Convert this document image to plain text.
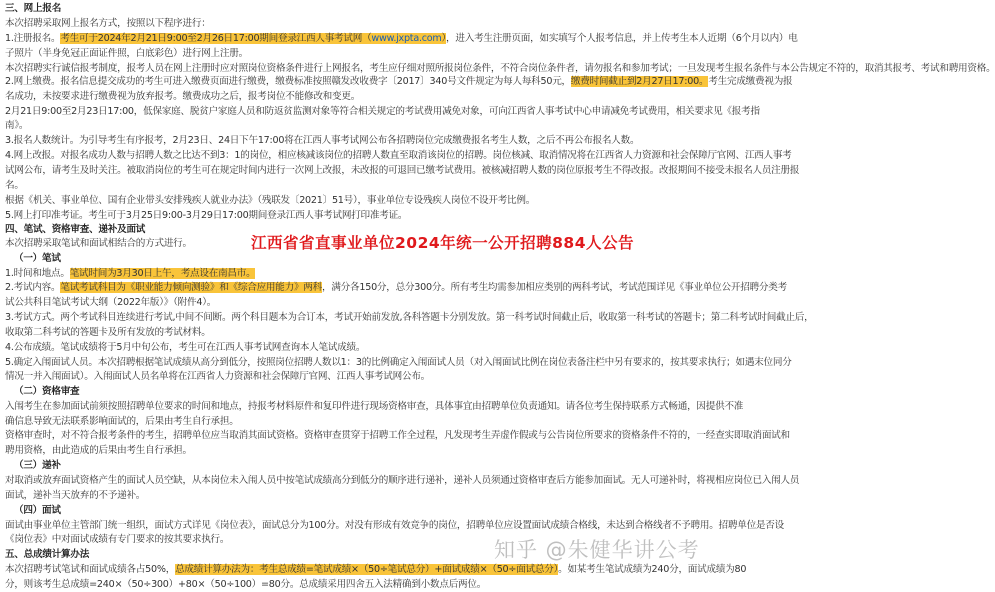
三、网上报名
本次招聘采取网上报名方式，按照以下程序进行：
1.注册报名。考生可于2024年2月21日9:00至2月26日17:00期间登录江西人事考试网（www.jxpta.com），进入考生注册页面，如实填写个人报考信息，并上传考生本人近期（6个月以内）电
子照片（半身免冠正面证件照，白底彩色）进行网上注册。
本次招聘实行诚信报考制度，报考人员在网上注册时应对照岗位资格条件进行上网报名，考生应仔细对照所报岗位条件，不符合岗位条件者，请勿报名和参加考试；一旦发现考生报名条件与本公告规定不符的，取消其报考、考试和聘用资格。
2.网上缴费。报名信息提交成功的考生可进入缴费页面进行缴费，缴费标准按照赣发改收费字〔2017〕340号文件规定为每人每科50元，缴费时间截止到2月27日17:00。考生完成缴费视为报
名成功，未按要求进行缴费视为放弃报考。缴费成功之后，报考岗位不能修改和变更。
2月21日9:00至2月23日17:00，低保家庭、脱贫户家庭人员和防返贫监测对象等符合相关规定的考试费用减免对象，可向江西省人事考试中心申请减免考试费用，相关要求见《报考指
南》。
3.报名人数统计。为引导考生有序报考，2月23日、24日下午17:00将在江西人事考试网公布各招聘岗位完成缴费报名考生人数，之后不再公布报名人数。
4.网上改报。对报名成功人数与招聘人数之比达不到3：1的岗位，相应核减该岗位的招聘人数直至取消该岗位的招聘。岗位核减、取消情况将在江西省人力资源和社会保障厅官网、江西人事考
试网公布，请考生及时关注。被取消岗位的考生可在规定时间内进行一次网上改报，未改报的可退回已缴考试费用。被核减招聘人数的岗位原报考生不得改报。改报期间不接受未报名人员注册报
名。
根据《机关、事业单位、国有企业带头安排残疾人就业办法》（残联发〔2021〕51号），事业单位专设残疾人岗位不设开考比例。
5.网上打印准考证。考生可于3月25日9:00-3月29日17:00期间登录江西人事考试网打印准考证。
四、笔试、资格审查、递补及面试
本次招聘采取笔试和面试相结合的方式进行。
（一）笔试
1.时间和地点。笔试时间为3月30日上午，考点设在南昌市。
2.考试内容。笔试考试科目为《职业能力倾向测验》和《综合应用能力》两科，满分各150分，总分300分。所有考生均需参加相应类别的两科考试，考试范围详见《事业单位公开招聘分类考
试公共科目笔试考试大纲（2022年版）》（附件4）。
3.考试方式。两个考试科目连续进行考试,中间不间断。两个科目题本为合订本，考试开始前发放,各科答题卡分别发放。第一科考试时间截止后，收取第一科考试的答题卡；第二科考试时间截止后，
收取第二科考试的答题卡及所有发放的考试材料。
4.公布成绩。笔试成绩将于5月中旬公布，考生可在江西人事考试网查询本人笔试成绩。
5.确定入闱面试人员。本次招聘根据笔试成绩从高分到低分，按照岗位招聘人数以1：3的比例确定入闱面试人员（对入闱面试比例在岗位表备注栏中另有要求的，按其要求执行；如遇末位同分
情况一并入闱面试）。入闱面试人员名单将在江西省人力资源和社会保障厅官网、江西人事考试网公布。
（二）资格审查
入闱考生在参加面试前须按照招聘单位要求的时间和地点，持报考材料原件和复印件进行现场资格审查，具体事宜由招聘单位负责通知。请各位考生保持联系方式畅通，因提供不准
确信息导致无法联系影响面试的，后果由考生自行承担。
资格审查时，对不符合报考条件的考生，招聘单位应当取消其面试资格。资格审查贯穿于招聘工作全过程，凡发现考生弄虚作假或与公告岗位所要求的资格条件不符的，一经查实即取消面试和
聘用资格，由此造成的后果由考生自行承担。
（三）递补
对取消或放弃面试资格产生的面试人员空缺，从本岗位未入闱人员中按笔试成绩高分到低分的顺序进行递补，递补人员须通过资格审查后方能参加面试。无人可递补时，将视相应岗位已入闱人员
面试，递补当天放弃的不予递补。
（四）面试
面试由事业单位主管部门统一组织，面试方式详见《岗位表》，面试总分为100分。对没有形成有效竞争的岗位，招聘单位应设置面试成绩合格线，未达到合格线者不予聘用。招聘单位是否设
《岗位表》中对面试成绩有专门要求的按其要求执行。
五、总成绩计算办法
本次招聘考试笔试和面试成绩各占50%，总成绩计算办法为：考生总成绩=笔试成绩×（50÷笔试总分）+面试成绩×（50÷面试总分）。如某考生笔试成绩为240分，面试成绩为80
分，则该考生总成绩=240×（50÷300）+80×（50÷100）=80分。总成绩采用四舍五入法精确到小数点后两位。
江西省省直事业单位2024年统一公开招聘884人公告
知乎 @朱健华讲公考
